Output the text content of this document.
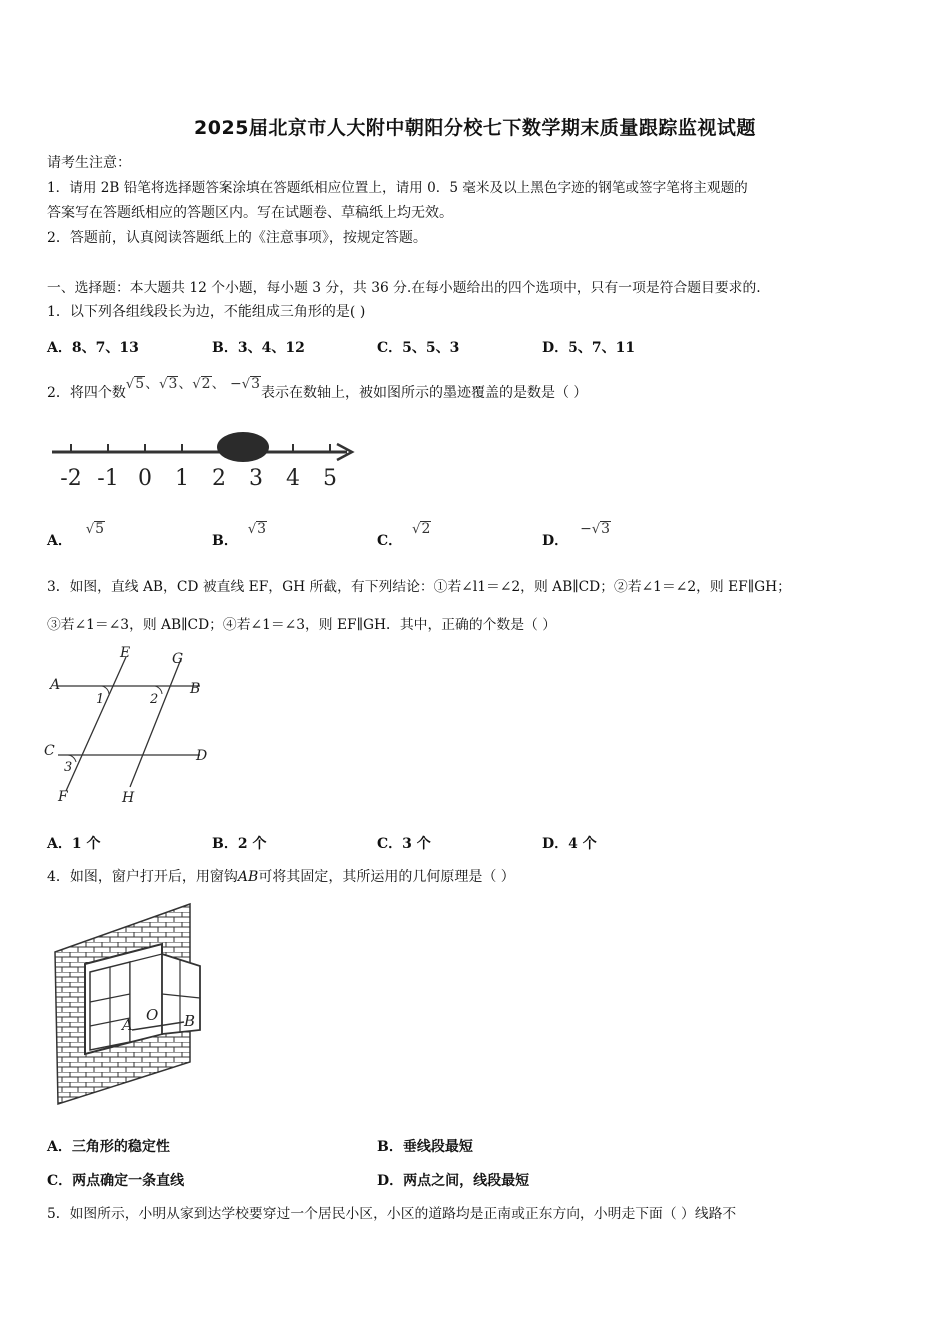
2025届北京市人大附中朝阳分校七下数学期末质量跟踪监视试题
请考生注意：
1．请用 2B 铅笔将选择题答案涂填在答题纸相应位置上，请用 0．5 毫米及以上黑色字迹的钢笔或签字笔将主观题的
答案写在答题纸相应的答题区内。写在试题卷、草稿纸上均无效。
2．答题前，认真阅读答题纸上的《注意事项》，按规定答题。
一、选择题：本大题共 12 个小题，每小题 3 分，共 36 分.在每小题给出的四个选项中，只有一项是符合题目要求的.
1．以下列各组线段长为边，不能组成三角形的是( )
A．8、7、13	B．3、4、12	C．5、5、3	D．5、7、11
2．将四个数√5、√3、√2、 −√3表示在数轴上，被如图所示的墨迹覆盖的是数是（ ）
-2 -1 0 1 2 3 4 5
A．√5
B．√3
C．√2
D．−√3
3．如图，直线 AB，CD 被直线 EF，GH 所截，有下列结论：①若∠l1＝∠2，则 AB∥CD；②若∠1＝∠2，则 EF∥GH；
③若∠1＝∠3，则 AB∥CD；④若∠1＝∠3，则 EF∥GH．其中，正确的个数是（ ）
A	B
C	D
E
F
G
H
1	2
3
A．1 个	B．2 个	C．3 个	D．4 个
4．如图，窗户打开后，用窗钩AB可将其固定，其所运用的几何原理是（ ）
A
O B
A．三角形的稳定性	B．垂线段最短
C．两点确定一条直线	D．两点之间，线段最短
5．如图所示，小明从家到达学校要穿过一个居民小区，小区的道路均是正南或正东方向，小明走下面（ ）线路不
